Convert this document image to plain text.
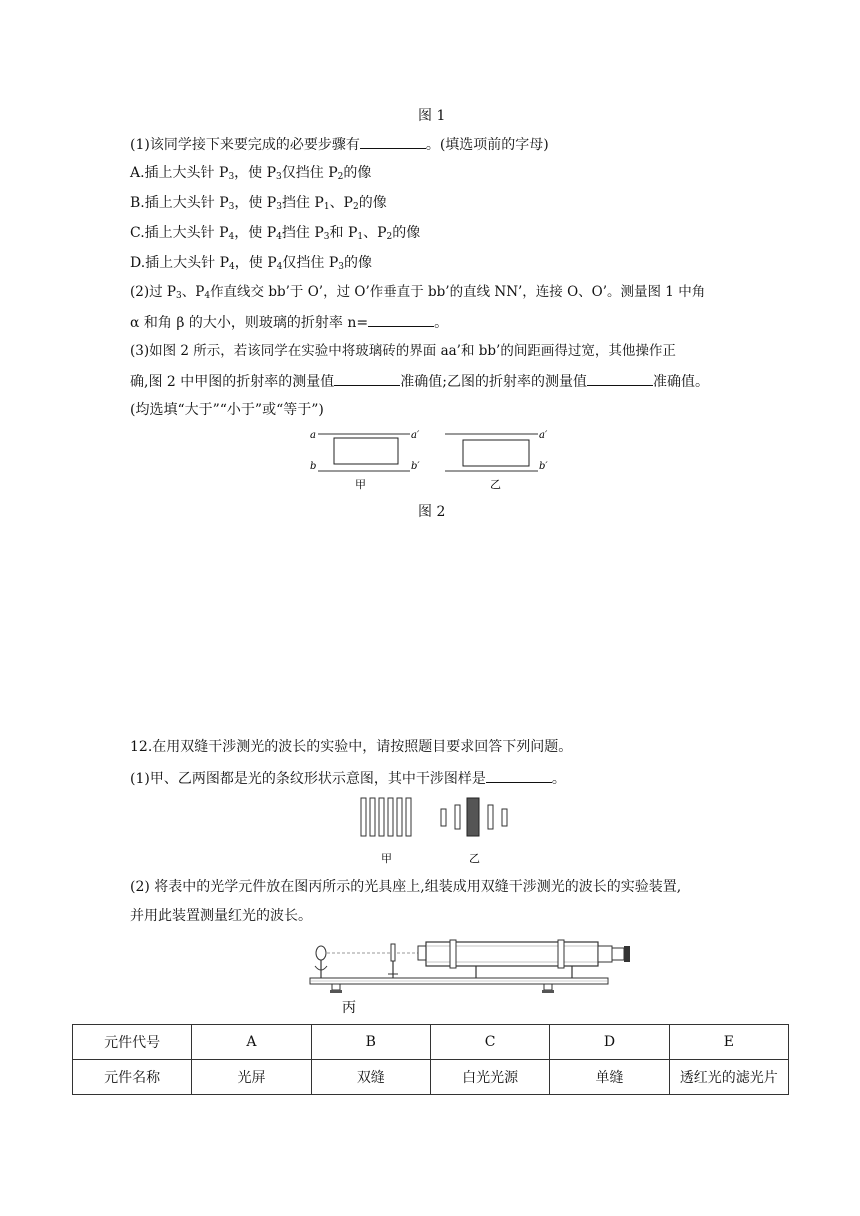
图 1
(1)该同学接下来要完成的必要步骤有	。(填选项前的字母)
A.插上大头针 $P_3$，使 $P_3$仅挡住 $P_2$的像
B.插上大头针 $P_3$，使 $P_3$挡住 $P_1$、$P_2$的像
C.插上大头针 $P_4$，使 $P_4$挡住 $P_3$和 $P_1$、$P_2$的像
D.插上大头针 $P_4$，使 $P_4$仅挡住 $P_3$的像
(2)过 $P_3$、$P_4$作直线交 bb’于 O’，过 O’作垂直于 bb’的直线 NN’，连接 O、O’。测量图 1 中角
α 和角 β 的大小，则玻璃的折射率 n=	。
(3)如图 2 所示，若该同学在实验中将玻璃砖的界面 aa’和 bb’的间距画得过宽，其他操作正
确,图 2 中甲图的折射率的测量值	准确值;乙图的折射率的测量值	准确值。
(均选填“大于”“小于”或“等于”)
a	a′
b	b′
甲
a′
b′
乙
图 2
12.在用双缝干涉测光的波长的实验中，请按照题目要求回答下列问题。
(1)甲、乙两图都是光的条纹形状示意图，其中干涉图样是	。
甲	乙
(2) 将表中的光学元件放在图丙所示的光具座上,组装成用双缝干涉测光的波长的实验装置,
并用此装置测量红光的波长。
丙
元件代号	A	B	C	D	E
元件名称	光屏	双缝	白光光源	单缝	透红光的滤光片
